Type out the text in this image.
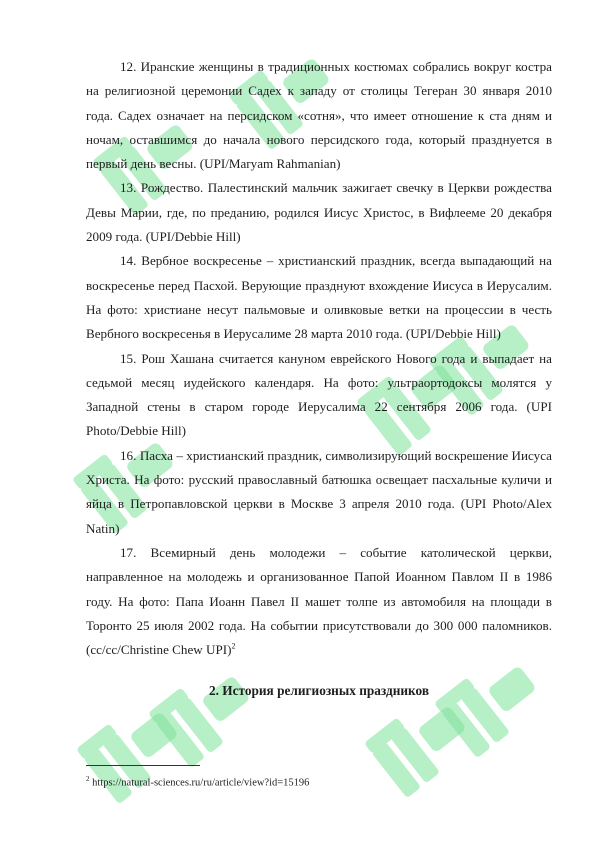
12. Иранские женщины в традиционных костюмах собрались вокруг костра на религиозной церемонии Садех к западу от столицы Тегеран 30 января 2010 года. Садех означает на персидском «сотня», что имеет отношение к ста дням и ночам, оставшимся до начала нового персидского года, который празднуется в первый день весны. (UPI/Maryam Rahmanian)

13. Рождество. Палестинский мальчик зажигает свечку в Церкви рождества Девы Марии, где, по преданию, родился Иисус Христос, в Вифлееме 20 декабря 2009 года. (UPI/Debbie Hill)

14. Вербное воскресенье – христианский праздник, всегда выпадающий на воскресенье перед Пасхой. Верующие празднуют вхождение Иисуса в Иерусалим. На фото: христиане несут пальмовые и оливковые ветки на процессии в честь Вербного воскресенья в Иерусалиме 28 марта 2010 года. (UPI/Debbie Hill)

15. Рош Хашана считается кануном еврейского Нового года и выпадает на седьмой месяц иудейского календаря. На фото: ультраортодоксы молятся у Западной стены в старом городе Иерусалима 22 сентября 2006 года. (UPI Photo/Debbie Hill)

16. Пасха – христианский праздник, символизирующий воскрешение Иисуса Христа. На фото: русский православный батюшка освещает пасхальные куличи и яйца в Петропавловской церкви в Москве 3 апреля 2010 года. (UPI Photo/Alex Natin)

17. Всемирный день молодежи – событие католической церкви, направленное на молодежь и организованное Папой Иоанном Павлом II в 1986 году. На фото: Папа Иоанн Павел II машет толпе из автомобиля на площади в Торонто 25 июля 2002 года. На событии присутствовали до 300 000 паломников. (cc/cc/Christine Chew UPI)$^2$

2. История религиозных праздников
$^2$ https://natural-sciences.ru/ru/article/view?id=15196
